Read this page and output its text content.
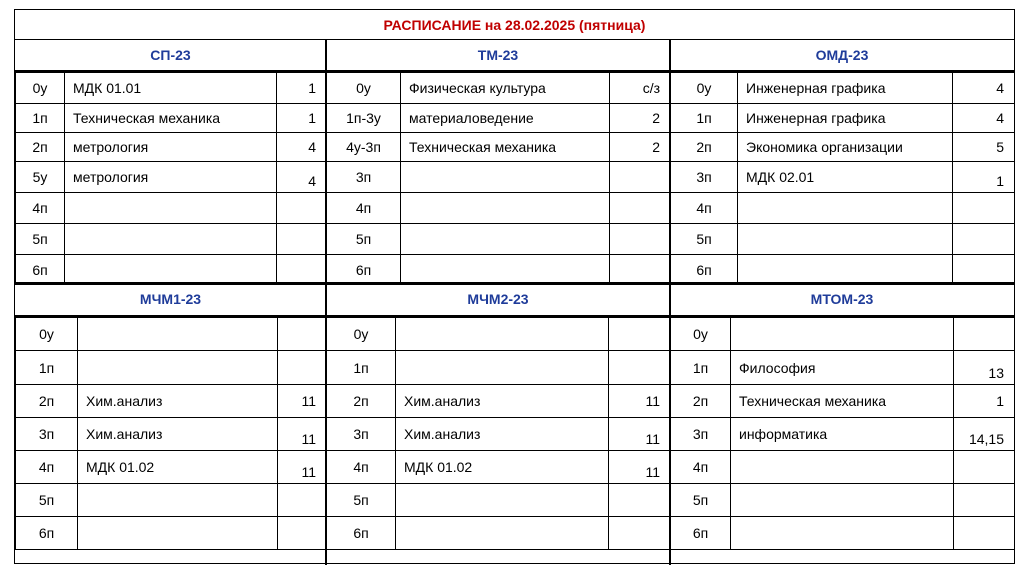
РАСПИСАНИЕ на 28.02.2025 (пятница)
СП-23
0у	МДК 01.01	1
1п	Техническая механика	1
2п	метрология	4
5у	метрология	4
4п		
5п		
6п		
ТМ-23
0у	Физическая культура	с/з
1п-3у	материаловедение	2
4у-3п	Техническая механика	2
3п		
4п		
5п		
6п		
ОМД-23
0у	Инженерная графика	4
1п	Инженерная графика	4
2п	Экономика организации	5
3п	МДК 02.01	1
4п		
5п		
6п		
МЧМ1-23
0у		
1п		
2п	Хим.анализ	11
3п	Хим.анализ	11
4п	МДК 01.02	11
5п		
6п		
МЧМ2-23
0у		
1п		
2п	Хим.анализ	11
3п	Хим.анализ	11
4п	МДК 01.02	11
5п		
6п		
МТОМ-23
0у		
1п	Философия	13
2п	Техническая механика	1
3п	информатика	14,15
4п		
5п		
6п		
